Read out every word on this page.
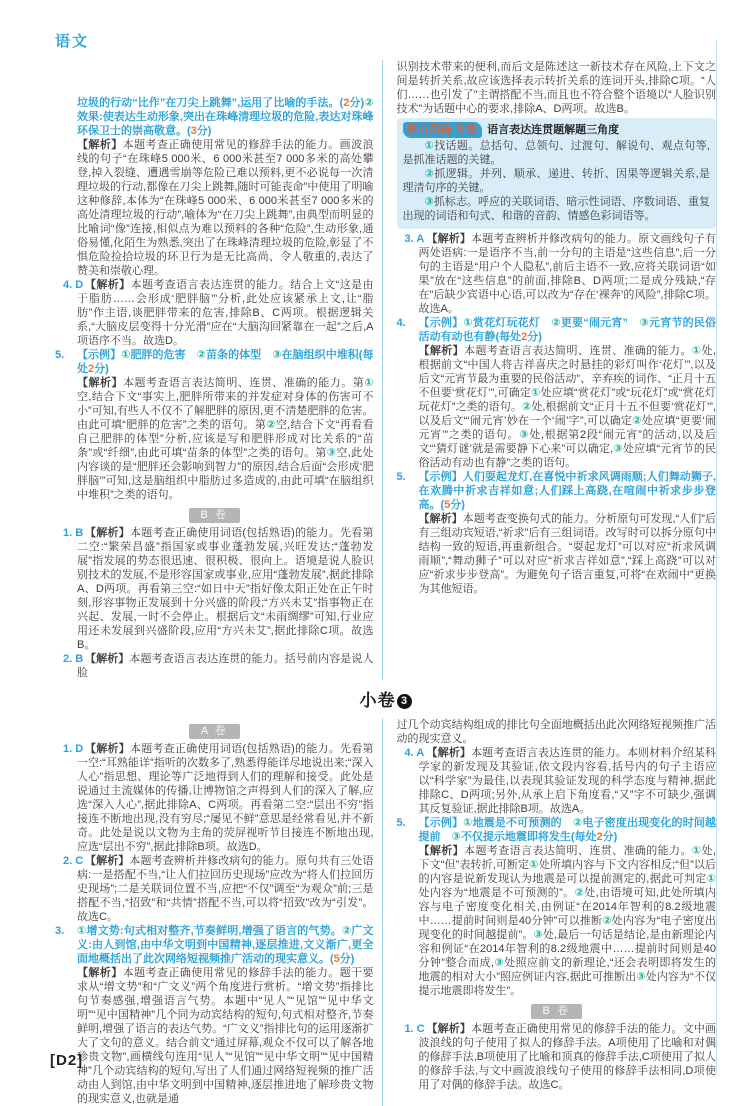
语文

垃圾的行动“比作”在刀尖上跳舞”,运用了比喻的手法。(2分)②效果:使表达生动形象,突出在珠峰清理垃圾的危险,表达对珠峰环保卫士的崇高敬意。(3分)

【解析】本题考查正确使用常见的修辞手法的能力。画波浪线的句子“在珠峰5 000米、6 000米甚至7 000多米的高处攀登,掉入裂缝、遭遇雪崩等危险已难以预料,更不必说每一次清理垃圾的行动,都像在刀尖上跳舞,随时可能丧命”中使用了明喻这种修辞,本体为“在珠峰5 000米、6 000米甚至7 000多米的高处清理垃圾的行动”,喻体为“在刀尖上跳舞”,由典型而明显的比喻词“像”连接,相似点为难以预料的各种“危险”,生动形象,通俗易懂,化陌生为熟悉,突出了在珠峰清理垃圾的危险,彰显了不惧危险捡拾垃圾的环卫行为是无比高尚、令人敬重的,表达了赞美和崇敬心理。

【解析】本题考查语言表达连贯的能力。结合上文“这是由于脂肪……会形成‘肥胖脑’”分析,此处应该紧承上文,让“脂肪”作主语,谈肥胖带来的危害,排除B、C两项。根据逻辑关系,“大脑皮层变得十分光滑”应在“大脑沟回紧靠在一起”之后,A项语序不当。故选D。
4. D

【示例】①肥胖的危害　②苗条的体型　③在脑组织中堆积(每处2分)
5.

【解析】本题考查语言表达简明、连贯、准确的能力。第①空,结合下文“事实上,肥胖所带来的并发症对身体的伤害可不小”可知,有些人不仅不了解肥胖的原因,更不清楚肥胖的危害。由此可填“肥胖的危害”之类的语句。第②空,结合下文“再看看自己肥胖的体型”分析,应该是写和肥胖形成对比关系的“苗条”或“纤细”,由此可填“苗条的体型”之类的语句。第③空,此处内容谈的是“肥胖还会影响到智力”的原因,结合后面“会形成‘肥胖脑’”可知,这是脑组织中脂肪过多造成的,由此可填“在脑组织中堆积”之类的语句。

B 卷

【解析】本题考查正确使用词语(包括熟语)的能力。先看第二空:“繁荣昌盛”指国家或事业蓬勃发展,兴旺发达;“蓬勃发展”指发展的势态很迅速、很积极、很向上。语境是说人脸识别技术的发展,不是形容国家或事业,应用“蓬勃发展”,据此排除A、D两项。再看第三空:“如日中天”指好像太阳正处在正午时刻,形容事物正发展到十分兴盛的阶段;“方兴未艾”指事物正在兴起、发展,一时不会停止。根据后文“未雨绸缪”可知,行业应用还未发展到兴盛阶段,应用“方兴未艾”,据此排除C项。故选B。
1. B

【解析】本题考查语言表达连贯的能力。括号前内容是说人脸
2. B

识别技术带来的便利,而后文是陈述这一新技术存在风险,上下文之间是转折关系,故应该选择表示转折关系的连词开头,排除C项。“人们……也引发了”主谓搭配不当,而且也不符合整个语境以“人脸识别技术”为话题中心的要求,排除A、D两项。故选B。

刷有所得·方法 语言表达连贯题解题三角度

①找话题。总括句、总领句、过渡句、解说句、观点句等,是抓准话题的关键。

②抓逻辑。并列、顺承、递进、转折、因果等逻辑关系,是理清句序的关键。

③抓标志。呼应的关联词语、暗示性词语、序数词语、重复出现的词语和句式、和谐的音韵、情感色彩词语等。

【解析】本题考查辨析并修改病句的能力。原文画线句子有两处语病:一是语序不当,前一分句的主语是“这些信息”,后一分句的主语是“用户个人隐私”,前后主语不一致,应将关联词语“如果”放在“这些信息”的前面,排除B、D两项;二是成分残缺,“存在”后缺少宾语中心语,可以改为“存在‘裸奔’的风险”,排除C项。故选A。
3. A

【示例】①赏花灯玩花灯　②更要“闹元宵”　③元宵节的民俗活动有动也有静(每处2分)
4.

【解析】本题考查语言表达简明、连贯、准确的能力。①处,根据前文“中国人将吉祥喜庆之时悬挂的彩灯叫作‘花灯’”,以及后文“元宵节最为重要的民俗活动”、辛弃疾的词作、“正月十五不但要‘赏花灯’”,可确定①处应填“赏花灯”或“玩花灯”或“赏花灯玩花灯”之类的语句。②处,根据前文“正月十五不但要‘赏花灯’”,以及后文“‘闹元宵’妙在一个‘闹’字”,可以确定②处应填“更要‘闹元宵’”之类的语句。③处,根据第2段“闹元宵”的活动,以及后文“‘猜灯谜’就是需要静下心来”可以确定,③处应填“元宵节的民俗活动有动也有静”之类的语句。

【示例】人们耍起龙灯,在喜悦中祈求风调雨顺;人们舞动狮子,在欢腾中祈求吉祥如意;人们踩上高跷,在喧闹中祈求步步登高。(5分)
5.

【解析】本题考查变换句式的能力。分析原句可发现,“人们”后有三组动宾短语,“祈求”后有三组词语。改写时可以拆分原句中结构一致的短语,再重新组合。“耍起龙灯”可以对应“祈求风调雨顺”,“舞动狮子”可以对应“祈求吉祥如意”,“踩上高跷”可以对应“祈求步步登高”。为避免句子语言重复,可将“在欢闹中”更换为其他短语。

小卷 3
A 卷

【解析】本题考查正确使用词语(包括熟语)的能力。先看第一空:“耳熟能详”指听的次数多了,熟悉得能详尽地说出来;“深入人心”指思想、理论等广泛地得到人们的理解和接受。此处是说通过主流媒体的传播,让博物馆之声得到人们的深入了解,应选“深入人心”,据此排除A、C两项。再看第二空:“层出不穷”指接连不断地出现,没有穷尽;“屡见不鲜”意思是经常看见,并不新奇。此处是说以文物为主角的荧屏视听节目接连不断地出现,应选“层出不穷”,据此排除B项。故选D。
1. D

【解析】本题考查辨析并修改病句的能力。原句共有三处语病:一是搭配不当,“让人们拉回历史现场”应改为“将人们拉回历史现场”;二是关联词位置不当,应把“不仅”调至“为观众”前;三是搭配不当,“招致”和“共情”搭配不当,可以将“招致”改为“引发”。故选C。
2. C

①增文势:句式相对整齐,节奏鲜明,增强了语言的气势。②广文义:由人到馆,由中华文明到中国精神,逐层推进,文义渐广,更全面地概括出了此次网络短视频推广活动的现实意义。(5分)
3.

【解析】本题考查正确使用常见的修辞手法的能力。题干要求从“增文势”和“广文义”两个角度进行赏析。“增文势”指排比句节奏感强,增强语言气势。本题中“见人”“见馆”“见中华文明”“见中国精神”几个同为动宾结构的短句,句式相对整齐,节奏鲜明,增强了语言的表达气势。“广文义”指排比句的运用逐渐扩大了文句的意义。结合前文“通过屏幕,观众不仅可以了解各地珍贵文物”,画横线句连用“见人”“见馆”“见中华文明”“见中国精神”几个动宾结构的短句,写出了人们通过网络短视频的推广活动由人到馆,由中华文明到中国精神,逐层推进地了解珍贵文物的现实意义,也就是通

过几个动宾结构组成的排比句全面地概括出此次网络短视频推广活动的现实意义。

【解析】本题考查语言表达连贯的能力。本则材料介绍某科学家的新发现及其验证,依文段内容看,括号内的句子主语应以“科学家”为最佳,以表现其验证发现的科学态度与精神,据此排除C、D两项;另外,从承上启下角度看,“又”字不可缺少,强调其反复验证,据此排除B项。故选A。
4. A

【示例】①地震是不可预测的　②电子密度出现变化的时间越提前　③不仅提示地震即将发生(每处2分)
5.

【解析】本题考查语言表达简明、连贯、准确的能力。①处,下文“但”表转折,可断定①处所填内容与下文内容相反;“但”以后的内容是说新发现认为地震是可以提前测定的,据此可判定①处内容为“地震是不可预测的”。②处,由语境可知,此处所填内容与电子密度变化相关,由例证“在2014年智利的8.2级地震中……提前时间则是40分钟”可以推断②处内容为“电子密度出现变化的时间越提前”。③处,最后一句话是结论,是由新理论内容和例证“在2014年智利的8.2级地震中……提前时间则是40分钟”整合而成,③处照应前文的新理论,“还会表明即将发生的地震的相对大小”照应例证内容,据此可推断出③处内容为“不仅提示地震即将发生”。

B 卷

【解析】本题考查正确使用常见的修辞手法的能力。文中画波浪线的句子使用了拟人的修辞手法。A项使用了比喻和对偶的修辞手法,B项使用了比喻和顶真的修辞手法,C项使用了拟人的修辞手法,与文中画波浪线句子使用的修辞手法相同,D项使用了对偶的修辞手法。故选C。
1. C

[D2]
